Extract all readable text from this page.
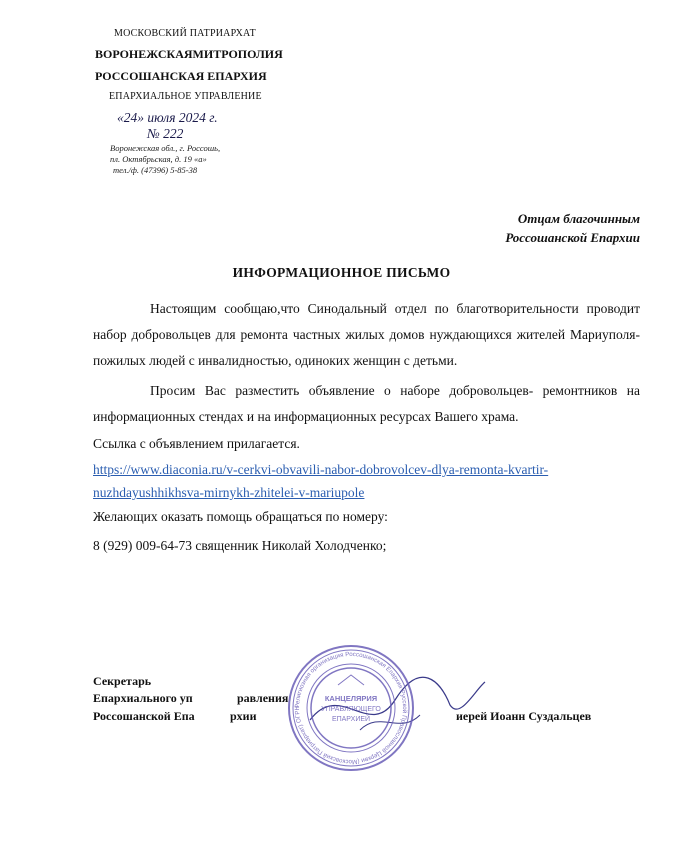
МОСКОВСКИЙ ПАТРИАРХАТ
ВОРОНЕЖСКАЯМИТРОПОЛИЯ
РОССОШАНСКАЯ ЕПАРХИЯ
ЕПАРХИАЛЬНОЕ УПРАВЛЕНИЕ
«24» июля 2024 г.
№ 222
Воронежская обл., г. Россошь,
пл. Октябрьская, д. 19 «а»
тел./ф. (47396) 5-85-38
Отцам благочинным
Россошанской Епархии
ИНФОРМАЦИОННОЕ ПИСЬМО
Настоящим сообщаю,что Синодальный отдел по благотворительности проводит набор добровольцев для ремонта частных жилых домов нуждающихся жителей Мариуполя-пожилых людей с инвалидностью, одиноких женщин с детьми.
Просим Вас разместить объявление о наборе добровольцев- ремонтников на информационных стендах и на информационных ресурсах Вашего храма.
Ссылка с объявлением прилагается.
https://www.diaconia.ru/v-cerkvi-obvavili-nabor-dobrovolcev-dlya-remonta-kvartir-
nuzhdayushhikhsva-mirnykh-zhitelei-v-mariupole
Желающих оказать помощь обращаться по номеру:
8 (929) 009-64-73 священник Николай Холодченко;
Секретарь
Епархиального уп	равления
Россошанской Епа	рхии	иерей Иоанн Суздальцев
Религиозная организация Россошанская Епархия Русской Православной Церкви (Московский Патриархат) ОГРН
КАНЦЕЛЯРИЯ
УПРАВЛЯЮЩЕГО
ЕПАРХИЕЙ
